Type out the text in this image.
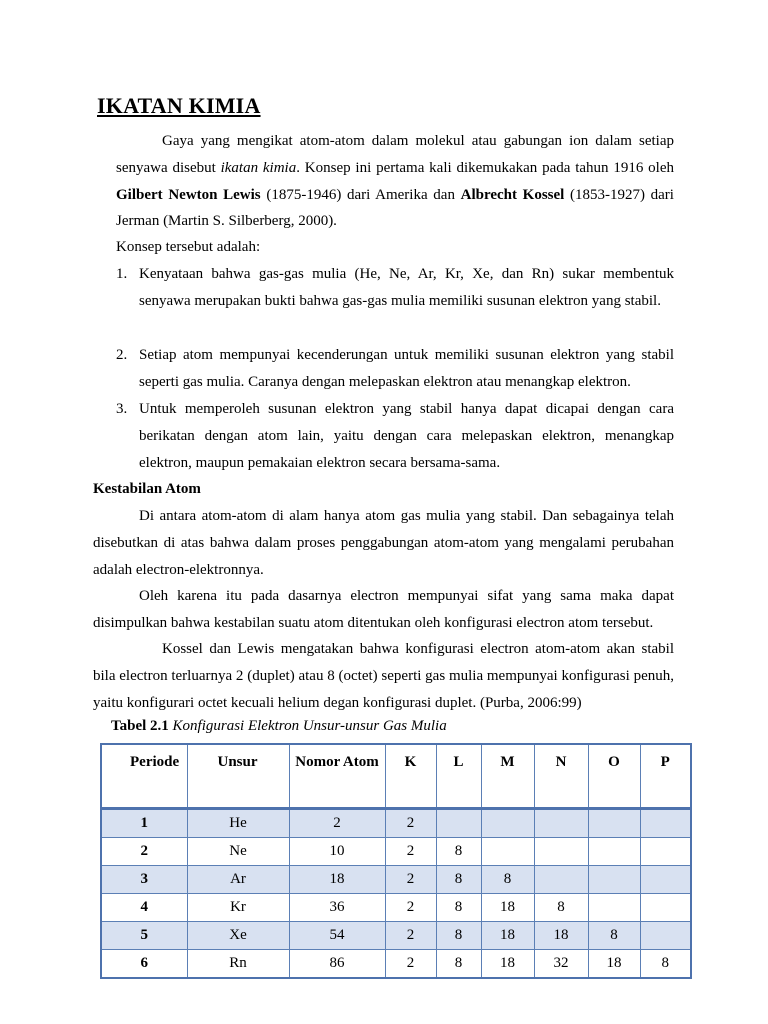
IKATAN KIMIA

Gaya yang mengikat atom-atom dalam molekul atau gabungan ion dalam setiap senyawa disebut ikatan kimia. Konsep ini pertama kali dikemukakan pada tahun 1916 oleh Gilbert Newton Lewis (1875-1946) dari Amerika dan Albrecht Kossel (1853-1927) dari Jerman (Martin S. Silberberg, 2000).

Konsep tersebut adalah:

1. Kenyataan bahwa gas-gas mulia (He, Ne, Ar, Kr, Xe, dan Rn) sukar membentuk senyawa merupakan bukti bahwa gas-gas mulia memiliki susunan elektron yang stabil.

2. Setiap atom mempunyai kecenderungan untuk memiliki susunan elektron yang stabil seperti gas mulia. Caranya dengan melepaskan elektron atau menangkap elektron.

3. Untuk memperoleh susunan elektron yang stabil hanya dapat dicapai dengan cara berikatan dengan atom lain, yaitu dengan cara melepaskan elektron, menangkap elektron, maupun pemakaian elektron secara bersama-sama.

Kestabilan Atom

Di antara atom-atom di alam hanya atom gas mulia yang stabil. Dan sebagainya telah disebutkan di atas bahwa dalam proses penggabungan atom-atom yang mengalami perubahan adalah electron-elektronnya.

Oleh karena itu pada dasarnya electron mempunyai sifat yang sama maka dapat disimpulkan bahwa kestabilan suatu atom ditentukan oleh konfigurasi electron atom tersebut.

Kossel dan Lewis mengatakan bahwa konfigurasi electron atom-atom akan stabil bila electron terluarnya 2 (duplet) atau 8 (octet) seperti gas mulia mempunyai konfigurasi penuh, yaitu konfigurari octet kecuali helium degan konfigurasi duplet. (Purba, 2006:99)

Tabel 2.1 Konfigurasi Elektron Unsur-unsur Gas Mulia
Periode	Unsur	Nomor Atom	K	L	M	N	O	P
1	He	2	2					
2	Ne	10	2	8				
3	Ar	18	2	8	8			
4	Kr	36	2	8	18	8		
5	Xe	54	2	8	18	18	8	
6	Rn	86	2	8	18	32	18	8
